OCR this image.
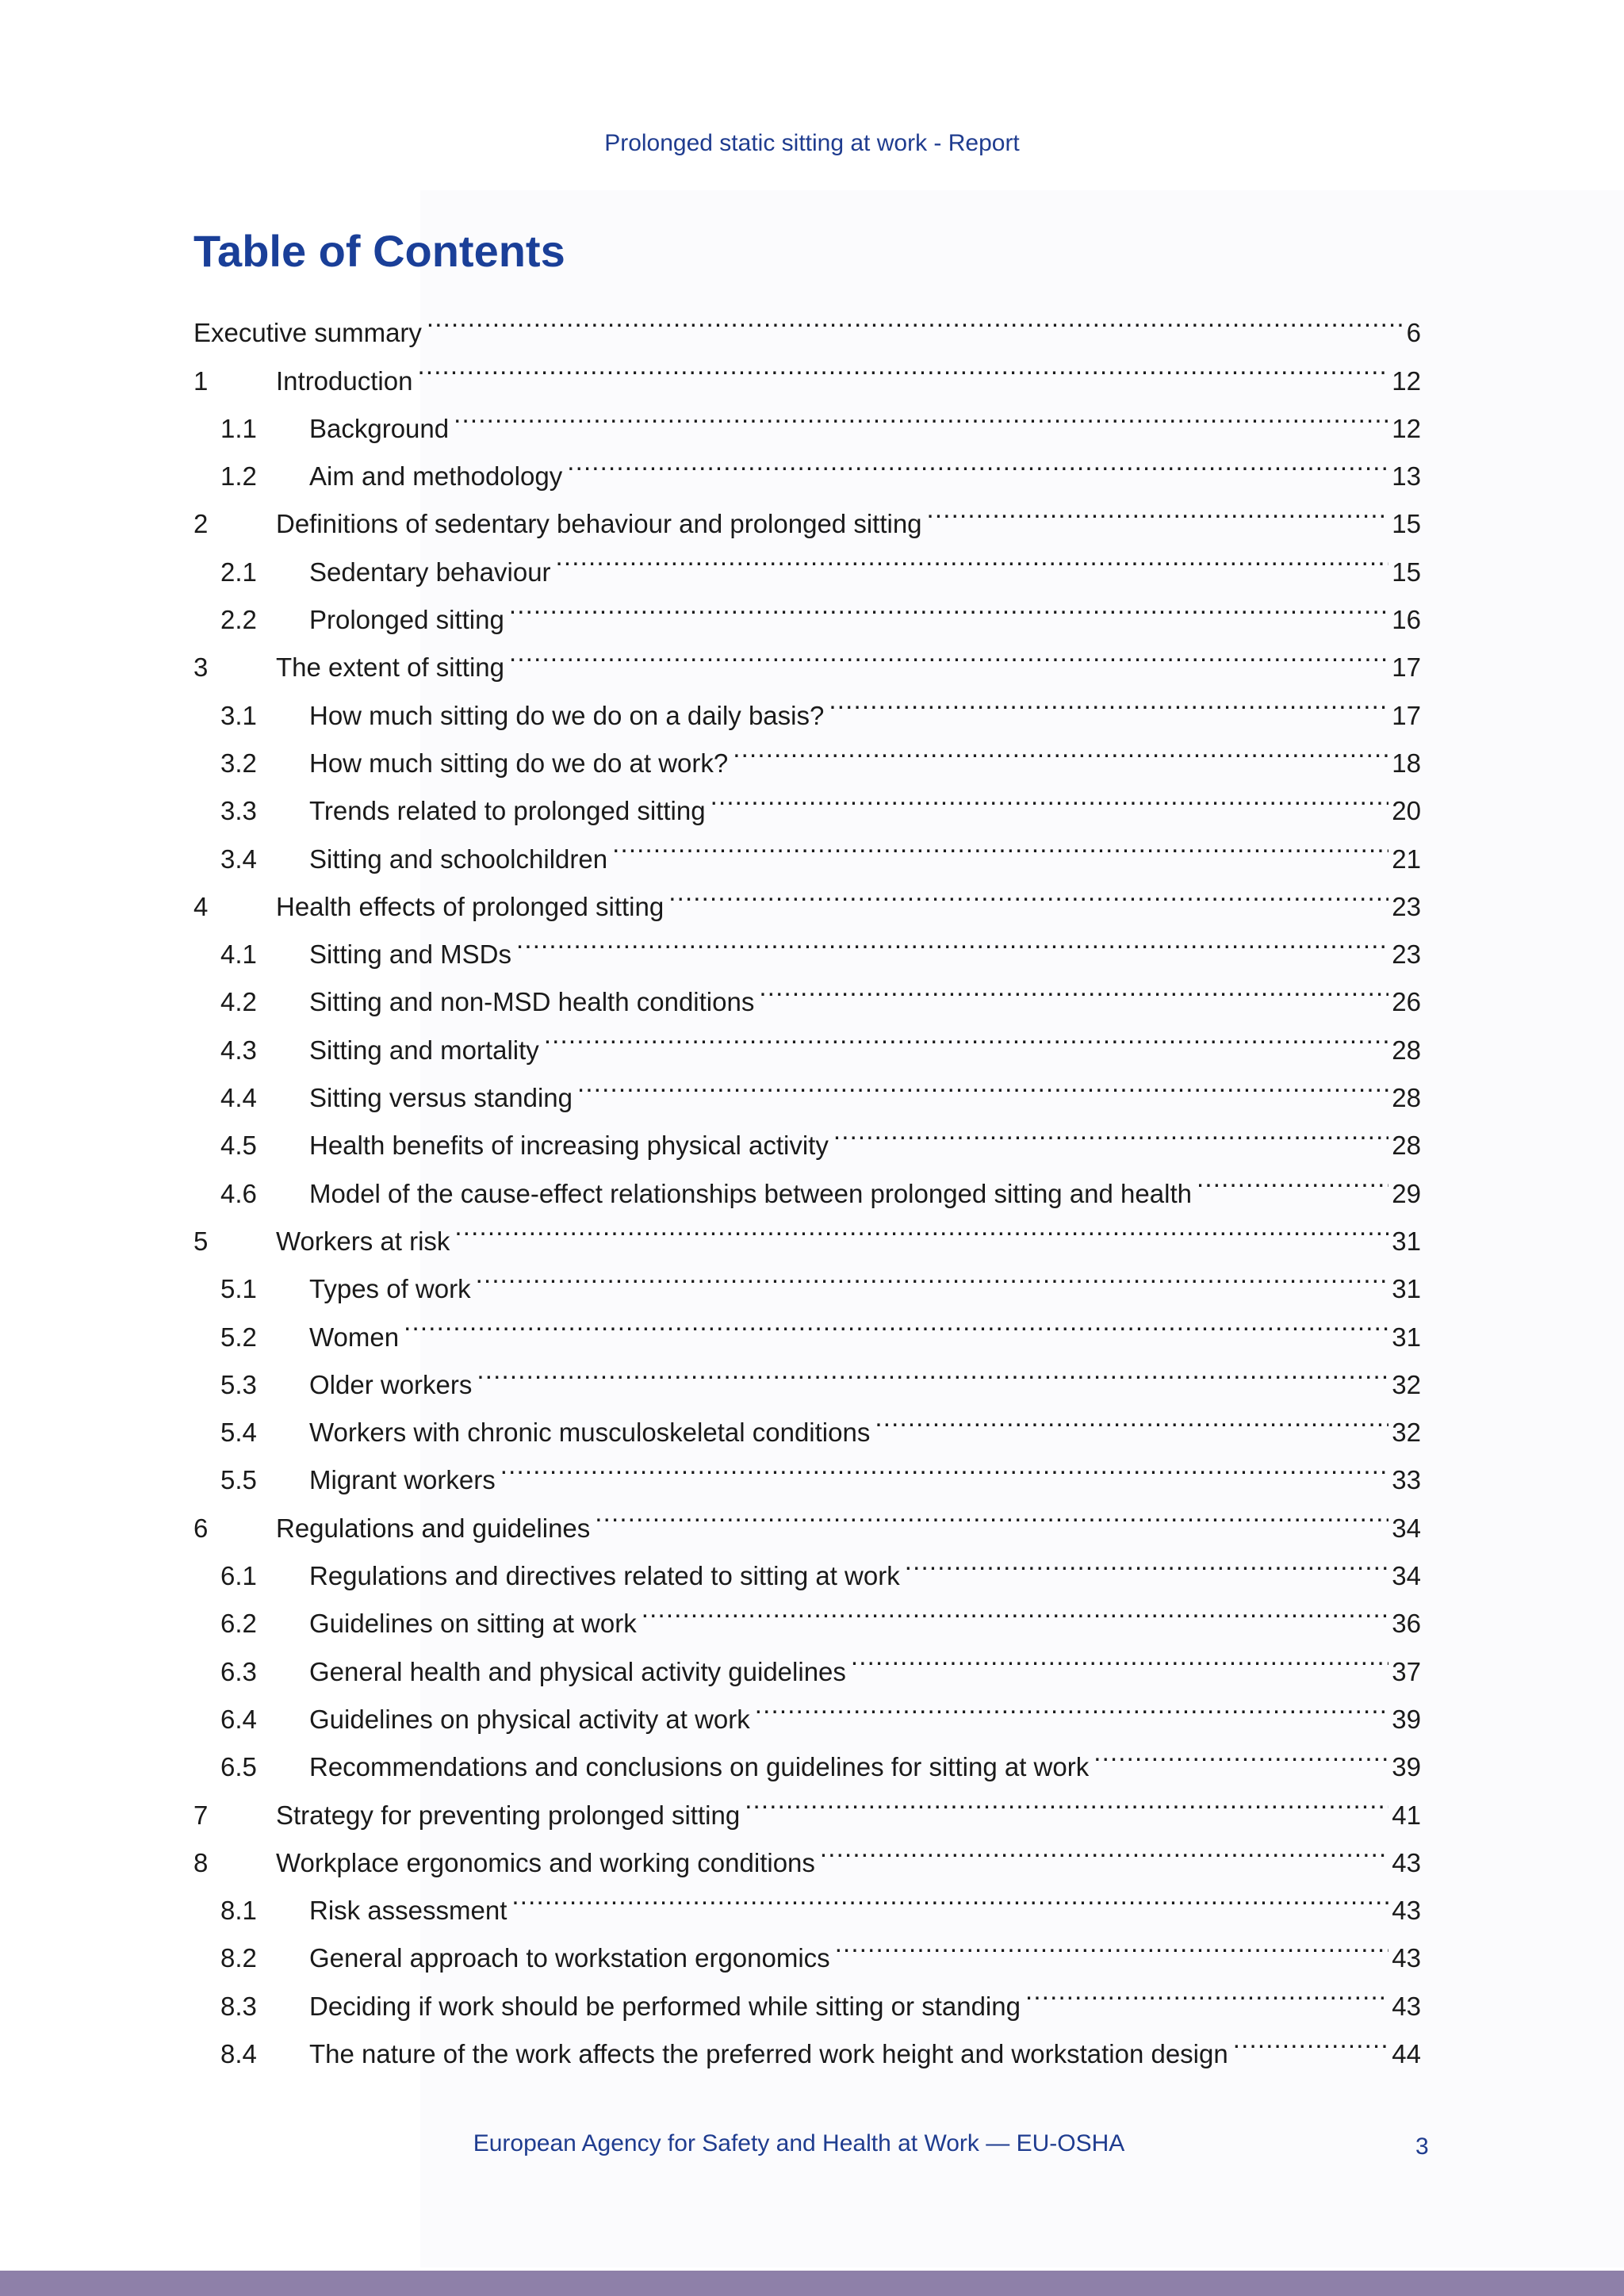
Prolonged static sitting at work - Report
Table of Contents
Executive summary .....	6
1	Introduction .....	12
1.1	Background .....	12
1.2	Aim and methodology .....	13
2	Definitions of sedentary behaviour and prolonged sitting .....	15
2.1	Sedentary behaviour .....	15
2.2	Prolonged sitting .....	16
3	The extent of sitting .....	17
3.1	How much sitting do we do on a daily basis? .....	17
3.2	How much sitting do we do at work? .....	18
3.3	Trends related to prolonged sitting .....	20
3.4	Sitting and schoolchildren .....	21
4	Health effects of prolonged sitting .....	23
4.1	Sitting and MSDs .....	23
4.2	Sitting and non-MSD health conditions .....	26
4.3	Sitting and mortality .....	28
4.4	Sitting versus standing .....	28
4.5	Health benefits of increasing physical activity .....	28
4.6	Model of the cause-effect relationships between prolonged sitting and health .....	29
5	Workers at risk .....	31
5.1	Types of work .....	31
5.2	Women .....	31
5.3	Older workers .....	32
5.4	Workers with chronic musculoskeletal conditions .....	32
5.5	Migrant workers .....	33
6	Regulations and guidelines .....	34
6.1	Regulations and directives related to sitting at work .....	34
6.2	Guidelines on sitting at work .....	36
6.3	General health and physical activity guidelines .....	37
6.4	Guidelines on physical activity at work .....	39
6.5	Recommendations and conclusions on guidelines for sitting at work .....	39
7	Strategy for preventing prolonged sitting .....	41
8	Workplace ergonomics and working conditions .....	43
8.1	Risk assessment .....	43
8.2	General approach to workstation ergonomics .....	43
8.3	Deciding if work should be performed while sitting or standing .....	43
8.4	The nature of the work affects the preferred work height and workstation design .....	44
European Agency for Safety and Health at Work — EU-OSHA	3
